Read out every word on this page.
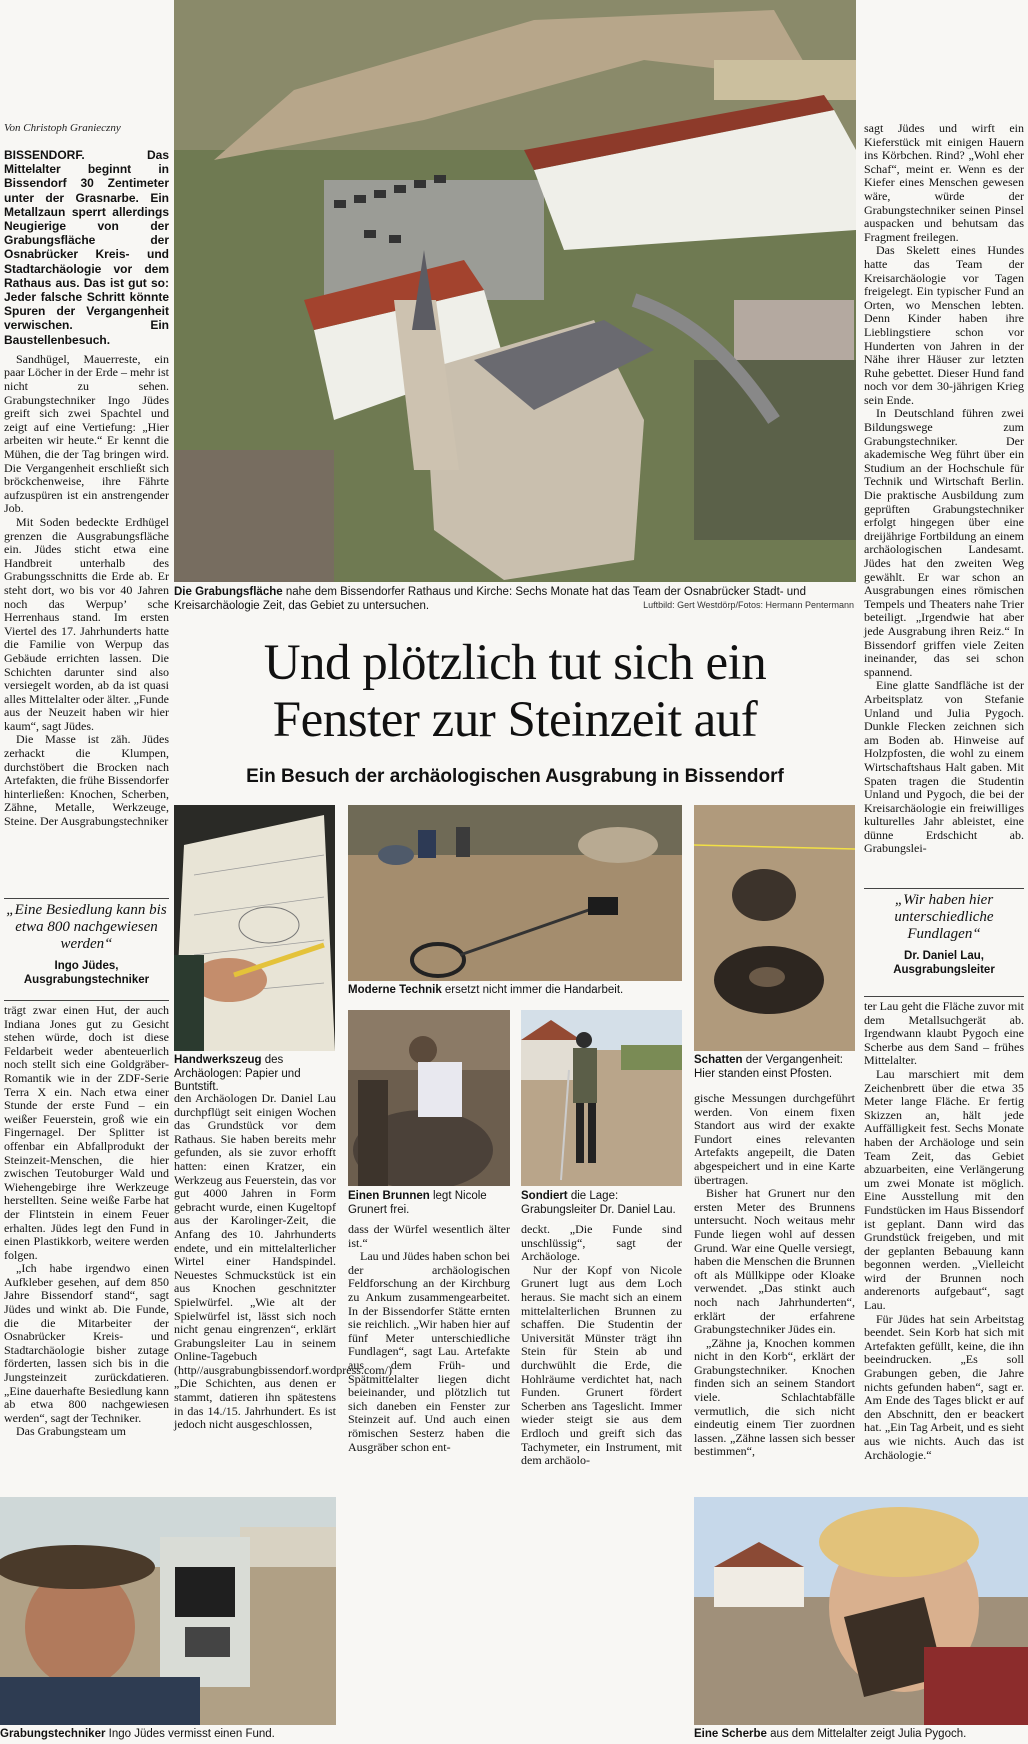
Von Christoph Granieczny

BISSENDORF. Das Mittelalter beginnt in Bissendorf 30 Zentimeter unter der Grasnarbe. Ein Metallzaun sperrt allerdings Neugierige von der Grabungsfläche der Osnabrücker Kreis- und Stadtarchäologie vor dem Rathaus aus. Das ist gut so: Jeder falsche Schritt könnte Spuren der Vergangenheit verwischen. Ein Baustellenbesuch.

Sandhügel, Mauerreste, ein paar Löcher in der Erde – mehr ist nicht zu sehen. Grabungstechniker Ingo Jüdes greift sich zwei Spachtel und zeigt auf eine Vertiefung: „Hier arbeiten wir heute.“ Er kennt die Mühen, die der Tag bringen wird. Die Vergangenheit erschließt sich bröckchenweise, ihre Fährte aufzuspüren ist ein anstrengender Job.

Mit Soden bedeckte Erdhügel grenzen die Ausgrabungsfläche ein. Jüdes sticht etwa eine Handbreit unterhalb des Grabungsschnitts die Erde ab. Er steht dort, wo bis vor 40 Jahren noch das Werpup’ sche Herrenhaus stand. Im ersten Viertel des 17. Jahrhunderts hatte die Familie von Werpup das Gebäude errichten lassen. Die Schichten darunter sind also versiegelt worden, ab da ist quasi alles Mittelalter oder älter. „Funde aus der Neuzeit haben wir hier kaum“, sagt Jüdes.

Die Masse ist zäh. Jüdes zerhackt die Klumpen, durchstöbert die Brocken nach Artefakten, die frühe Bissendorfer hinterließen: Knochen, Scherben, Zähne, Metalle, Werkzeuge, Steine. Der Ausgrabungstechniker

„Eine Besiedlung kann bis etwa 800 nachgewiesen werden“
Ingo Jüdes, Ausgrabungstechniker

trägt zwar einen Hut, der auch Indiana Jones gut zu Gesicht stehen würde, doch ist diese Feldarbeit weder abenteuerlich noch stellt sich eine Goldgräber-Romantik wie in der ZDF-Serie Terra X ein. Nach etwa einer Stunde der erste Fund – ein weißer Feuerstein, groß wie ein Fingernagel. Der Splitter ist offenbar ein Abfallprodukt der Steinzeit-Menschen, die hier zwischen Teutoburger Wald und Wiehengebirge ihre Werkzeuge herstellten. Seine weiße Farbe hat der Flintstein in einem Feuer erhalten. Jüdes legt den Fund in einen Plastikkorb, weitere werden folgen.

„Ich habe irgendwo einen Aufkleber gesehen, auf dem 850 Jahre Bissendorf stand“, sagt Jüdes und winkt ab. Die Funde, die die Mitarbeiter der Osnabrücker Kreis- und Stadtarchäologie bisher zutage förderten, lassen sich bis in die Jungsteinzeit zurückdatieren. „Eine dauerhafte Besiedlung kann ab etwa 800 nachgewiesen werden“, sagt der Techniker.

Das Grabungsteam um

Die Grabungsfläche nahe dem Bissendorfer Rathaus und Kirche: Sechs Monate hat das Team der Osnabrücker Stadt- und Kreisarchäologie Zeit, das Gebiet zu untersuchen.	Luftbild: Gert Westdörp/Fotos: Hermann Pentermann
Und plötzlich tut sich ein
Fenster zur Steinzeit auf
Ein Besuch der archäologischen Ausgrabung in Bissendorf
Handwerkszeug des Archäologen: Papier und Buntstift.
Moderne Technik ersetzt nicht immer die Handarbeit.
Einen Brunnen legt Nicole Grunert frei.
Sondiert die Lage: Grabungsleiter Dr. Daniel Lau.
Schatten der Vergangenheit: Hier standen einst Pfosten.

den Archäologen Dr. Daniel Lau durchpflügt seit einigen Wochen das Grundstück vor dem Rathaus. Sie haben bereits mehr gefunden, als sie zuvor erhofft hatten: einen Kratzer, ein Werkzeug aus Feuerstein, das vor gut 4000 Jahren in Form gebracht wurde, einen Kugeltopf aus der Karolinger-Zeit, die Anfang des 10. Jahrhunderts endete, und ein mittelalterlicher Wirtel einer Handspindel. Neuestes Schmuckstück ist ein aus Knochen geschnitzter Spielwürfel. „Wie alt der Spielwürfel ist, lässt sich noch nicht genau eingrenzen“, erklärt Grabungsleiter Lau in seinem Online-Tagebuch (http//ausgrabungbissendorf.wordpress.com/) „Die Schichten, aus denen er stammt, datieren ihn spätestens in das 14./15. Jahrhundert. Es ist jedoch nicht ausgeschlossen,

dass der Würfel wesentlich älter ist.“

Lau und Jüdes haben schon bei der archäologischen Feldforschung an der Kirchburg zu Ankum zusammengearbeitet. In der Bissendorfer Stätte ernten sie reichlich. „Wir haben hier auf fünf Meter unterschiedliche Fundlagen“, sagt Lau. Artefakte aus dem Früh- und Spätmittelalter liegen dicht beieinander, und plötzlich tut sich daneben ein Fenster zur Steinzeit auf. Und auch einen römischen Sesterz haben die Ausgräber schon ent-

deckt. „Die Funde sind unschlüssig“, sagt der Archäologe.

Nur der Kopf von Nicole Grunert lugt aus dem Loch heraus. Sie macht sich an einem mittelalterlichen Brunnen zu schaffen. Die Studentin der Universität Münster trägt ihn Stein für Stein ab und durchwühlt die Erde, die Hohlräume verdichtet hat, nach Funden. Grunert fördert Scherben ans Tageslicht. Immer wieder steigt sie aus dem Erdloch und greift sich das Tachymeter, ein Instrument, mit dem archäolo-

gische Messungen durchgeführt werden. Von einem fixen Standort aus wird der exakte Fundort eines relevanten Artefakts angepeilt, die Daten abgespeichert und in eine Karte übertragen.

Bisher hat Grunert nur den ersten Meter des Brunnens untersucht. Noch weitaus mehr Funde liegen wohl auf dessen Grund. War eine Quelle versiegt, haben die Menschen die Brunnen oft als Müllkippe oder Kloake verwendet. „Das stinkt auch noch nach Jahrhunderten“, erklärt der erfahrene Grabungstechniker Jüdes ein.

„Zähne ja, Knochen kommen nicht in den Korb“, erklärt der Grabungstechniker. Knochen finden sich an seinem Standort viele. Schlachtabfälle vermutlich, die sich nicht eindeutig einem Tier zuordnen lassen. „Zähne lassen sich besser bestimmen“,

sagt Jüdes und wirft ein Kieferstück mit einigen Hauern ins Körbchen. Rind? „Wohl eher Schaf“, meint er. Wenn es der Kiefer eines Menschen gewesen wäre, würde der Grabungstechniker seinen Pinsel auspacken und behutsam das Fragment freilegen.

Das Skelett eines Hundes hatte das Team der Kreisarchäologie vor Tagen freigelegt. Ein typischer Fund an Orten, wo Menschen lebten. Denn Kinder haben ihre Lieblingstiere schon vor Hunderten von Jahren in der Nähe ihrer Häuser zur letzten Ruhe gebettet. Dieser Hund fand noch vor dem 30-jährigen Krieg sein Ende.

In Deutschland führen zwei Bildungswege zum Grabungstechniker. Der akademische Weg führt über ein Studium an der Hochschule für Technik und Wirtschaft Berlin. Die praktische Ausbildung zum geprüften Grabungstechniker erfolgt hingegen über eine dreijährige Fortbildung an einem archäologischen Landesamt. Jüdes hat den zweiten Weg gewählt. Er war schon an Ausgrabungen eines römischen Tempels und Theaters nahe Trier beteiligt. „Irgendwie hat aber jede Ausgrabung ihren Reiz.“ In Bissendorf griffen viele Zeiten ineinander, das sei schon spannend.

Eine glatte Sandfläche ist der Arbeitsplatz von Stefanie Unland und Julia Pygoch. Dunkle Flecken zeichnen sich am Boden ab. Hinweise auf Holzpfosten, die wohl zu einem Wirtschaftshaus Halt gaben. Mit Spaten tragen die Studentin Unland und Pygoch, die bei der Kreisarchäologie ein freiwilliges kulturelles Jahr ableistet, eine dünne Erdschicht ab. Grabungslei-

„Wir haben hier unterschiedliche Fundlagen“
Dr. Daniel Lau, Ausgrabungsleiter

ter Lau geht die Fläche zuvor mit dem Metallsuchgerät ab. Irgendwann klaubt Pygoch eine Scherbe aus dem Sand – frühes Mittelalter.

Lau marschiert mit dem Zeichenbrett über die etwa 35 Meter lange Fläche. Er fertig Skizzen an, hält jede Auffälligkeit fest. Sechs Monate haben der Archäologe und sein Team Zeit, das Gebiet abzuarbeiten, eine Verlängerung um zwei Monate ist möglich. Eine Ausstellung mit den Fundstücken im Haus Bissendorf ist geplant. Dann wird das Grundstück freigeben, und mit der geplanten Bebauung kann begonnen werden. „Vielleicht wird der Brunnen noch anderenorts aufgebaut“, sagt Lau.

Für Jüdes hat sein Arbeitstag beendet. Sein Korb hat sich mit Artefakten gefüllt, keine, die ihn beeindrucken. „Es soll Grabungen geben, die Jahre nichts gefunden haben“, sagt er. Am Ende des Tages blickt er auf den Abschnitt, den er beackert hat. „Ein Tag Arbeit, und es sieht aus wie nichts. Auch das ist Archäologie.“

Grabungstechniker Ingo Jüdes vermisst einen Fund.	Eine Scherbe aus dem Mittelalter zeigt Julia Pygoch.
